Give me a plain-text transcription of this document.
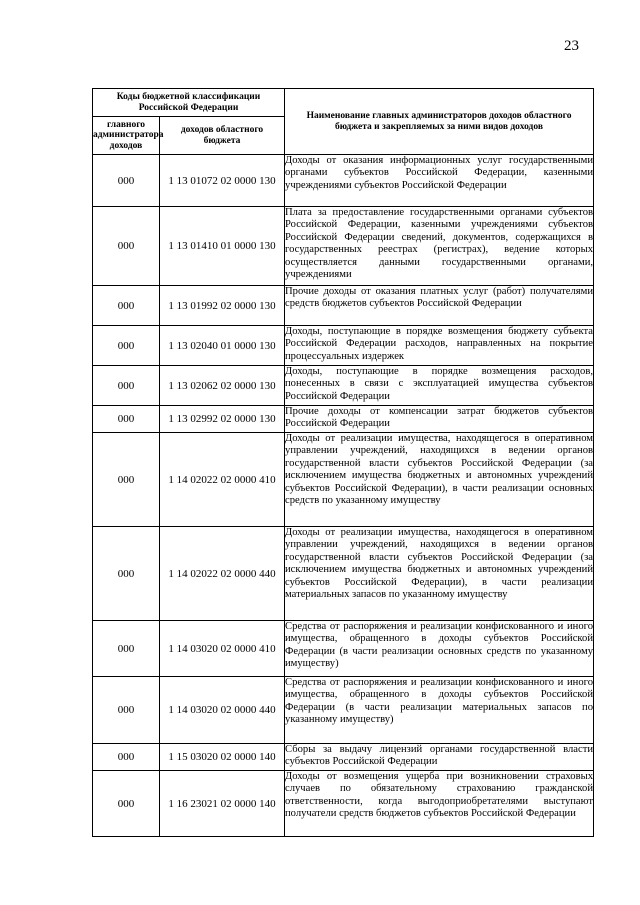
23
Коды бюджетной классификации Российской Федерации		Наименование главных администраторов доходов областного бюджета и закрепляемых за ними видов доходов
главного администратора доходов	доходов областного бюджета	
000	1 13 01072 02 0000 130	Доходы от оказания информационных услуг государственными органами субъектов Российской Федерации, казенными учреждениями субъектов Российской Федерации
000	1 13 01410 01 0000 130	Плата за предоставление государственными органами субъектов Российской Федерации, казенными учреждениями субъектов Российской Федерации сведений, документов, содержащихся в государственных реестрах (регистрах), ведение которых осуществляется данными государственными органами, учреждениями
000	1 13 01992 02 0000 130	Прочие доходы от оказания платных услуг (работ) получателями средств бюджетов субъектов Российской Федерации
000	1 13 02040 01 0000 130	Доходы, поступающие в порядке возмещения бюджету субъекта Российской Федерации расходов, направленных на покрытие процессуальных издержек
000	1 13 02062 02 0000 130	Доходы, поступающие в порядке возмещения расходов, понесенных в связи с эксплуатацией имущества субъектов Российской Федерации
000	1 13 02992 02 0000 130	Прочие доходы от компенсации затрат бюджетов субъектов Российской Федерации
000	1 14 02022 02 0000 410	Доходы от реализации имущества, находящегося в оперативном управлении учреждений, находящихся в ведении органов государственной власти субъектов Российской Федерации (за исключением имущества бюджетных и автономных учреждений субъектов Российской Федерации), в части реализации основных средств по указанному имуществу
000	1 14 02022 02 0000 440	Доходы от реализации имущества, находящегося в оперативном управлении учреждений, находящихся в ведении органов государственной власти субъектов Российской Федерации (за исключением имущества бюджетных и автономных учреждений субъектов Российской Федерации), в части реализации материальных запасов по указанному имуществу
000	1 14 03020 02 0000 410	Средства от распоряжения и реализации конфискованного и иного имущества, обращенного в доходы субъектов Российской Федерации (в части реализации основных средств по указанному имуществу)
000	1 14 03020 02 0000 440	Средства от распоряжения и реализации конфискованного и иного имущества, обращенного в доходы субъектов Российской Федерации (в части реализации материальных запасов по указанному имуществу)
000	1 15 03020 02 0000 140	Сборы за выдачу лицензий органами государственной власти субъектов Российской Федерации
000	1 16 23021 02 0000 140	Доходы от возмещения ущерба при возникновении страховых случаев по обязательному страхованию гражданской ответственности, когда выгодоприобретателями выступают получатели средств бюджетов субъектов Российской Федерации
